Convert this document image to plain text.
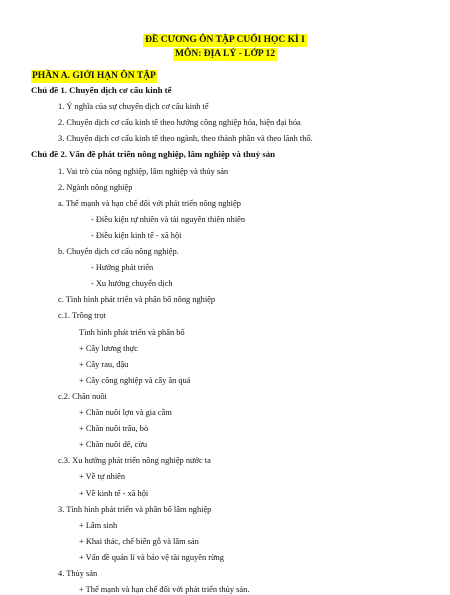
ĐỀ CƯƠNG ÔN TẬP CUỐI HỌC KÌ I
MÔN: ĐỊA LÝ - LỚP 12
PHẦN A. GIỚI HẠN ÔN TẬP
Chủ đề 1. Chuyển dịch cơ cấu kinh tế
1. Ý nghĩa của sự chuyển dịch cơ cấu kinh tế
2. Chuyển dịch cơ cấu kinh tế theo hướng công nghiệp hóa, hiện đại hóa
3. Chuyển dịch cơ cấu kinh tế theo ngành, theo thành phần và theo lãnh thổ.
Chủ đề 2. Vấn đề phát triển nông nghiệp, lâm nghiệp và thuỷ sản
1. Vai trò của nông nghiệp, lâm nghiệp và thủy sản
2. Ngành nông nghiệp
a. Thế mạnh và hạn chế đối với phát triển nông nghiệp
- Điều kiện tự nhiên và tài nguyên thiên nhiên
- Điều kiện kinh tế - xã hội
b. Chuyển dịch cơ cấu nông nghiệp.
- Hướng phát triển
- Xu hướng chuyển dịch
c. Tình hình phát triển và phân bố nông nghiệp
c.1. Trồng trọt
Tình hình phát triển và phân bố
+ Cây lương thực
+ Cây rau, đậu
+ Cây công nghiệp và cây ăn quả
c.2. Chăn nuôi
+ Chăn nuôi lợn và gia cầm
+ Chăn nuôi trâu, bò
+ Chăn nuôi dê, cừu
c.3. Xu hướng phát triển nông nghiệp nước ta
+ Về tự nhiên
+ Về kinh tế - xã hội
3. Tình hình phát triển và phân bố lâm nghiệp
+ Lâm sinh
+ Khai thác, chế biến gỗ và lâm sản
+ Vấn đề quản lí và bảo vệ tài nguyên rừng
4. Thủy sản
+ Thế mạnh và hạn chế đối với phát triển thủy sản.
